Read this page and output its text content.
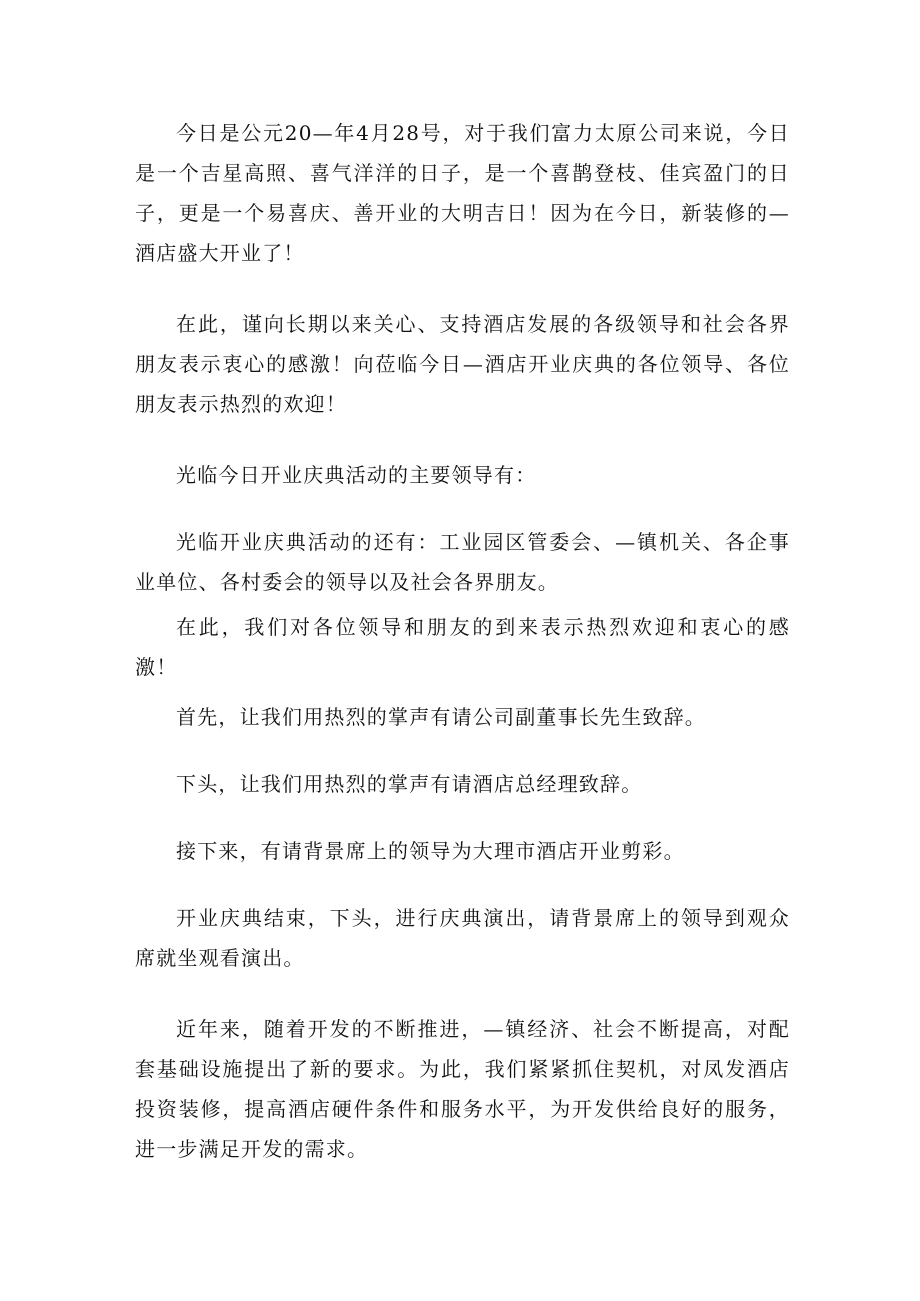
今日是公元20—年4月28号，对于我们富力太原公司来说，今日是一个吉星高照、喜气洋洋的日子，是一个喜鹊登枝、佳宾盈门的日子，更是一个易喜庆、善开业的大明吉日！因为在今日，新装修的—酒店盛大开业了！

在此，谨向长期以来关心、支持酒店发展的各级领导和社会各界朋友表示衷心的感激！向莅临今日—酒店开业庆典的各位领导、各位朋友表示热烈的欢迎！

光临今日开业庆典活动的主要领导有：

光临开业庆典活动的还有：工业园区管委会、—镇机关、各企事业单位、各村委会的领导以及社会各界朋友。

在此，我们对各位领导和朋友的到来表示热烈欢迎和衷心的感激！

首先，让我们用热烈的掌声有请公司副董事长先生致辞。

下头，让我们用热烈的掌声有请酒店总经理致辞。

接下来，有请背景席上的领导为大理市酒店开业剪彩。

开业庆典结束，下头，进行庆典演出，请背景席上的领导到观众席就坐观看演出。

近年来，随着开发的不断推进，—镇经济、社会不断提高，对配套基础设施提出了新的要求。为此，我们紧紧抓住契机，对凤发酒店投资装修，提高酒店硬件条件和服务水平，为开发供给良好的服务，进一步满足开发的需求。
